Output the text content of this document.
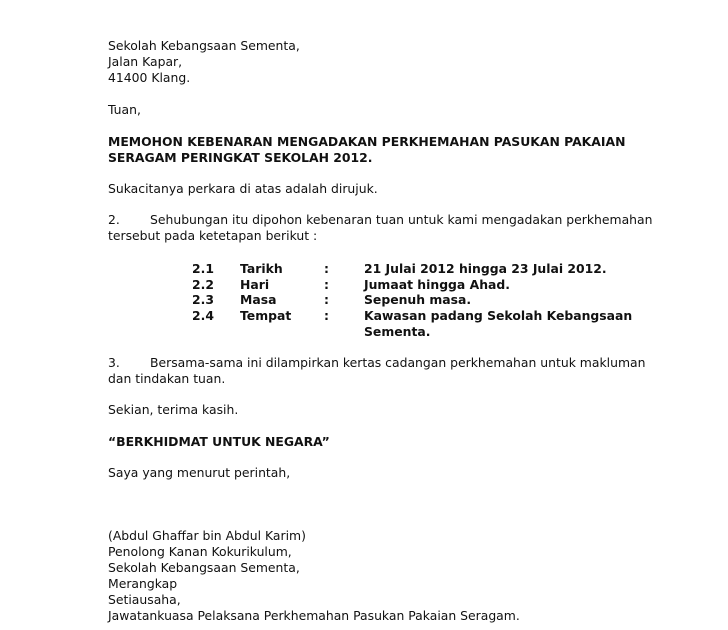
Sekolah Kebangsaan Sementa,
Jalan Kapar,
41400 Klang.
Tuan,
MEMOHON KEBENARAN MENGADAKAN PERKHEMAHAN PASUKAN PAKAIAN
SERAGAM PERINGKAT SEKOLAH 2012.
Sukacitanya perkara di atas adalah dirujuk.
2. Sehubungan itu dipohon kebenaran tuan untuk kami mengadakan perkhemahan
tersebut pada ketetapan berikut :
2.1 Tarikh	:	21 Julai 2012 hingga 23 Julai 2012.
2.2 Hari	:	Jumaat hingga Ahad.
2.3 Masa	:	Sepenuh masa.
2.4 Tempat	:	Kawasan padang Sekolah Kebangsaan
Sementa.
3. Bersama-sama ini dilampirkan kertas cadangan perkhemahan untuk makluman
dan tindakan tuan.
Sekian, terima kasih.
“BERKHIDMAT UNTUK NEGARA”
Saya yang menurut perintah,
(Abdul Ghaffar bin Abdul Karim)
Penolong Kanan Kokurikulum,
Sekolah Kebangsaan Sementa,
Merangkap
Setiausaha,
Jawatankuasa Pelaksana Perkhemahan Pasukan Pakaian Seragam.
